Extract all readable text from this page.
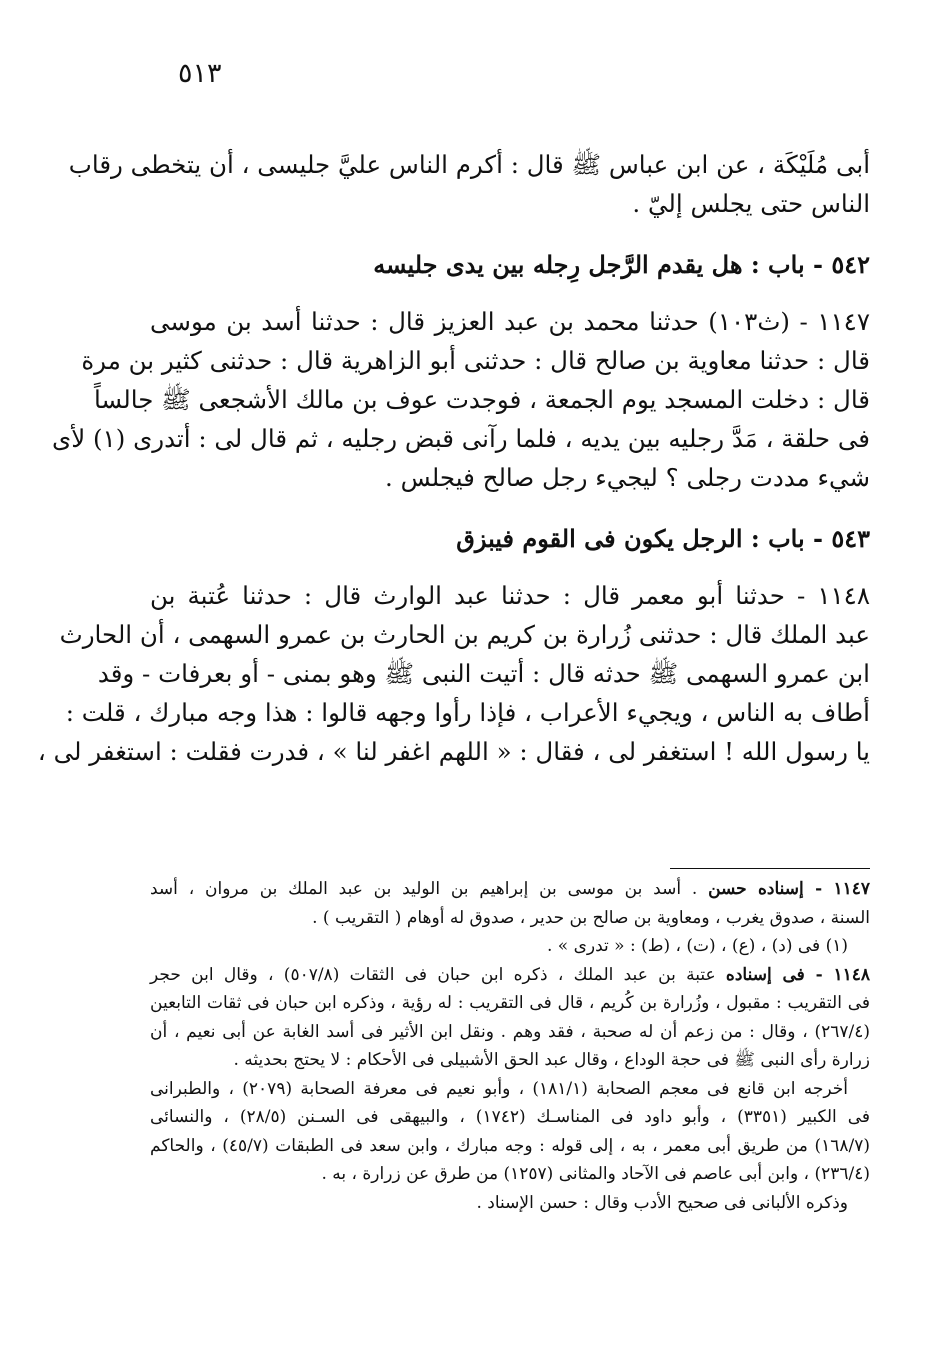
٥١٣

أبى مُلَيْكَة ، عن ابن عباس ﷺ قال : أكرم الناس عليَّ جليسى ، أن يتخطى رقاب
الناس حتى يجلس إليّ .

٥٤٢ - باب : هل يقدم الرَّجل رِجله بين يدى جليسه

١١٤٧ - (ث١٠٣) حدثنا محمد بن عبد العزيز قال : حدثنا أسد بن موسى
قال : حدثنا معاوية بن صالح قال : حدثنى أبو الزاهرية قال : حدثنى كثير بن مرة
قال : دخلت المسجد يوم الجمعة ، فوجدت عوف بن مالك الأشجعى ﷺ جالساً
فى حلقة ، مَدَّ رجليه بين يديه ، فلما رآنى قبض رجليه ، ثم قال لى : أتدرى (١) لأى
شيء مددت رجلى ؟ ليجيء رجل صالح فيجلس .

٥٤٣ - باب : الرجل يكون فى القوم فيبزق

١١٤٨ - حدثنا أبو معمر قال : حدثنا عبد الوارث قال : حدثنا عُتبة بن
عبد الملك قال : حدثنى زُرارة بن كريم بن الحارث بن عمرو السهمى ، أن الحارث
ابن عمرو السهمى ﷺ حدثه قال : أتيت النبى ﷺ وهو بمنى - أو بعرفات - وقد
أطاف به الناس ، ويجيء الأعراب ، فإذا رأوا وجهه قالوا : هذا وجه مبارك ، قلت :
يا رسول الله ! استغفر لى ، فقال : « اللهم اغفر لنا » ، فدرت فقلت : استغفر لى ،

١١٤٧ - إسناده حسن . أسد بن موسى بن إبراهيم بن الوليد بن عبد الملك بن مروان ، أسد
السنة ، صدوق يغرب ، ومعاوية بن صالح بن حدير ، صدوق له أوهام ( التقريب ) .

(١) فى (د) ، (ع) ، (ت) ، (ط) : « تدرى » .

١١٤٨ - فى إسناده عتبة بن عبد الملك ، ذكره ابن حبان فى الثقات (٥٠٧/٨) ، وقال ابن حجر
فى التقريب : مقبول ، وزُرارة بن كُريم ، قال فى التقريب : له رؤية ، وذكره ابن حبان فى ثقات التابعين
(٢٦٧/٤) ، وقال : من زعم أن له صحبة ، فقد وهم . ونقل ابن الأثير فى أسد الغابة عن أبى نعيم ، أن
زرارة رأى النبى ﷺ فى حجة الوداع ، وقال عبد الحق الأشبيلى فى الأحكام : لا يحتج بحديثه .

أخرجه ابن قانع فى معجم الصحابة (١٨١/١) ، وأبو نعيم فى معرفة الصحابة (٢٠٧٩) ، والطبرانى
فى الكبير (٣٣٥١) ، وأبو داود فى المناسـك (١٧٤٢) ، والبيهقى فى السـنن (٢٨/٥) ، والنسائى
(١٦٨/٧) من طريق أبى معمر ، به ، إلى قوله : وجه مبارك ، وابن سعد فى الطبقات (٤٥/٧) ، والحاكم
(٢٣٦/٤) ، وابن أبى عاصم فى الآحاد والمثانى (١٢٥٧) من طرق عن زرارة ، به .

وذكره الألبانى فى صحيح الأدب وقال : حسن الإسناد .
